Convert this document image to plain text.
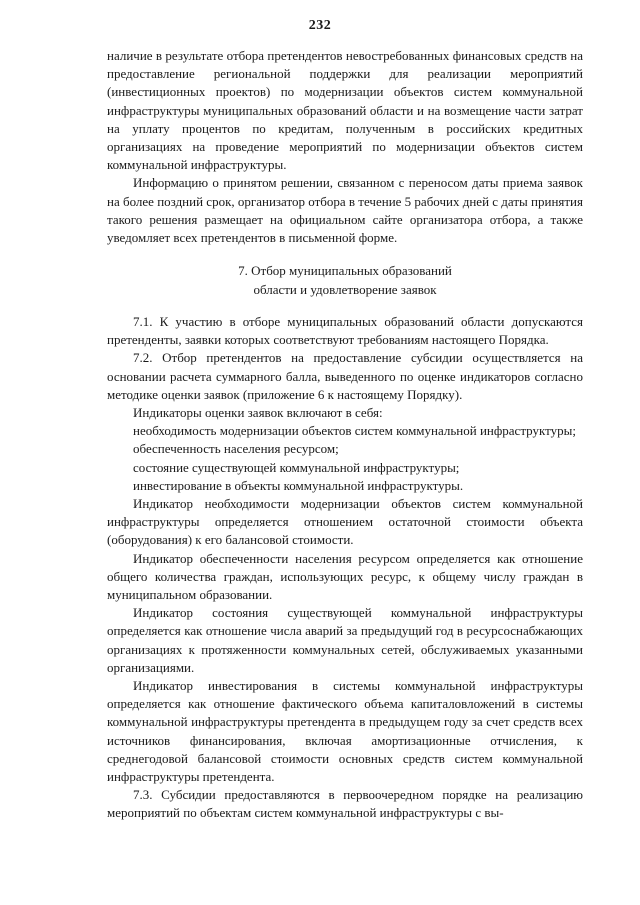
232

наличие в результате отбора претендентов невостребованных финансовых средств на предоставление региональной поддержки для реализации мероприятий (инвестиционных проектов) по модернизации объектов систем коммунальной инфраструктуры муниципальных образований области и на возмещение части затрат на уплату процентов по кредитам, полученным в российских кредитных организациях на проведение мероприятий по модернизации объектов систем коммунальной инфраструктуры.

Информацию о принятом решении, связанном с переносом даты приема заявок на более поздний срок, организатор отбора в течение 5 рабочих дней с даты принятия такого решения размещает на официальном сайте организатора отбора, а также уведомляет всех претендентов в письменной форме.

7. Отбор муниципальных образований
области и удовлетворение заявок

7.1. К участию в отборе муниципальных образований области допускаются претенденты, заявки которых соответствуют требованиям настоящего Порядка.

7.2. Отбор претендентов на предоставление субсидии осуществляется на основании расчета суммарного балла, выведенного по оценке индикаторов согласно методике оценки заявок (приложение 6 к настоящему Порядку).

Индикаторы оценки заявок включают в себя:

необходимость модернизации объектов систем коммунальной инфраструктуры;

обеспеченность населения ресурсом;

состояние существующей коммунальной инфраструктуры;

инвестирование в объекты коммунальной инфраструктуры.

Индикатор необходимости модернизации объектов систем коммунальной инфраструктуры определяется отношением остаточной стоимости объекта (оборудования) к его балансовой стоимости.

Индикатор обеспеченности населения ресурсом определяется как отношение общего количества граждан, использующих ресурс, к общему числу граждан в муниципальном образовании.

Индикатор состояния существующей коммунальной инфраструктуры определяется как отношение числа аварий за предыдущий год в ресурсоснабжающих организациях к протяженности коммунальных сетей, обслуживаемых указанными организациями.

Индикатор инвестирования в системы коммунальной инфраструктуры определяется как отношение фактического объема капиталовложений в системы коммунальной инфраструктуры претендента в предыдущем году за счет средств всех источников финансирования, включая амортизационные отчисления, к среднегодовой балансовой стоимости основных средств систем коммунальной инфраструктуры претендента.

7.3. Субсидии предоставляются в первоочередном порядке на реализацию мероприятий по объектам систем коммунальной инфраструктуры с вы-
